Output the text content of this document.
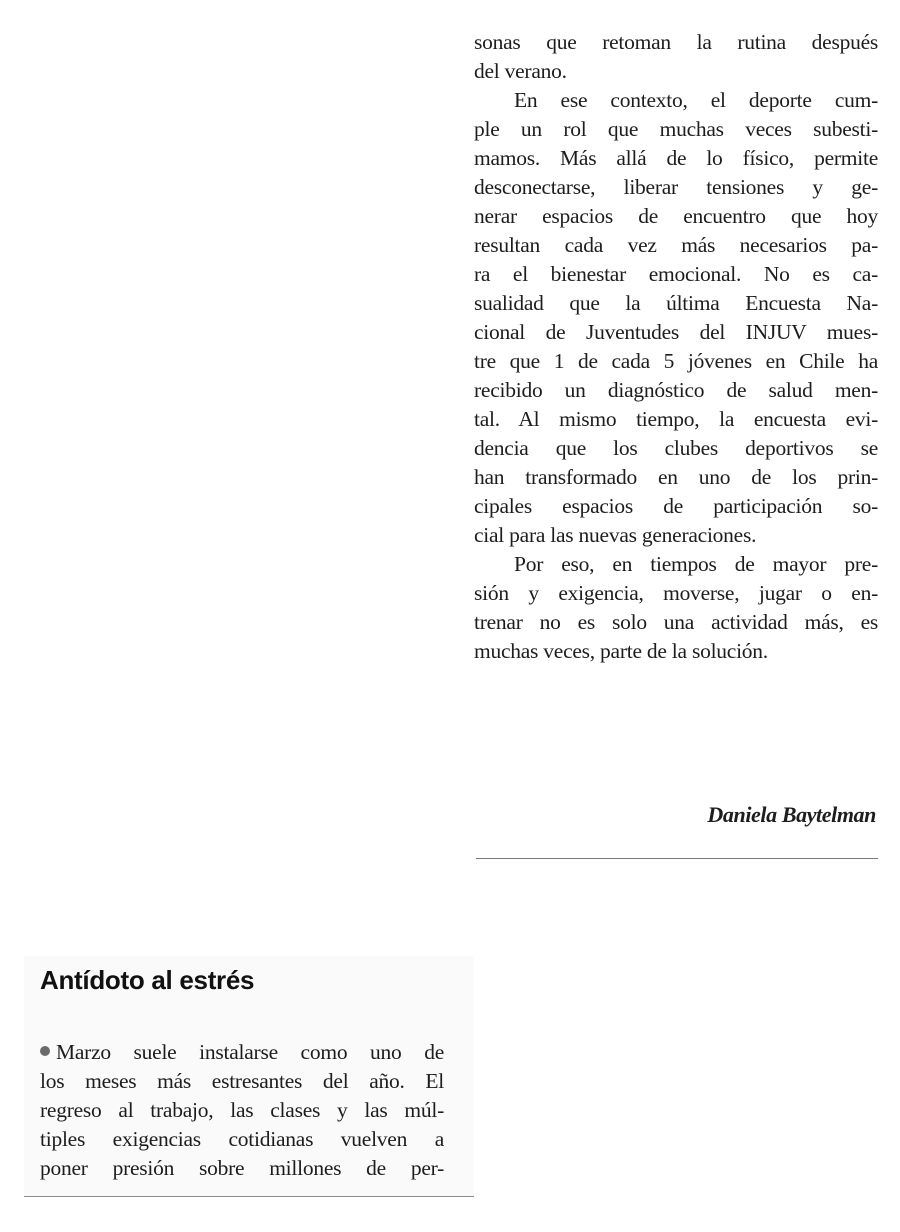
sonas que retoman la rutina después
del verano.
En ese contexto, el deporte cum-
ple un rol que muchas veces subesti-
mamos. Más allá de lo físico, permite
desconectarse, liberar tensiones y ge-
nerar espacios de encuentro que hoy
resultan cada vez más necesarios pa-
ra el bienestar emocional. No es ca-
sualidad que la última Encuesta Na-
cional de Juventudes del INJUV mues-
tre que 1 de cada 5 jóvenes en Chile ha
recibido un diagnóstico de salud men-
tal. Al mismo tiempo, la encuesta evi-
dencia que los clubes deportivos se
han transformado en uno de los prin-
cipales espacios de participación so-
cial para las nuevas generaciones.
Por eso, en tiempos de mayor pre-
sión y exigencia, moverse, jugar o en-
trenar no es solo una actividad más, es
muchas veces, parte de la solución.
Daniela Baytelman
Antídoto al estrés
Marzo suele instalarse como uno de
los meses más estresantes del año. El
regreso al trabajo, las clases y las múl-
tiples exigencias cotidianas vuelven a
poner presión sobre millones de per-
